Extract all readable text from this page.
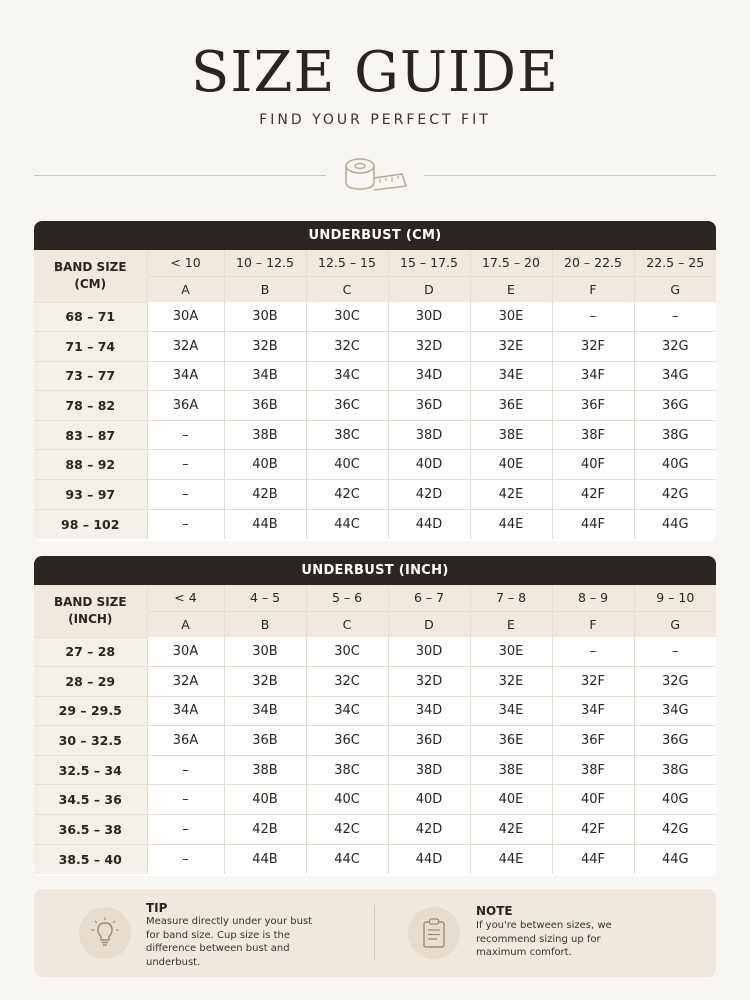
SIZE GUIDE
FIND YOUR PERFECT FIT
UNDERBUST (CM)
BAND SIZE
(CM)	< 10	10 – 12.5	12.5 – 15	15 – 17.5	17.5 – 20	20 – 22.5	22.5 – 25
	A	B	C	D	E	F	G
68 – 71	30A	30B	30C	30D	30E	–	–
71 – 74	32A	32B	32C	32D	32E	32F	32G
73 – 77	34A	34B	34C	34D	34E	34F	34G
78 – 82	36A	36B	36C	36D	36E	36F	36G
83 – 87	–	38B	38C	38D	38E	38F	38G
88 – 92	–	40B	40C	40D	40E	40F	40G
93 – 97	–	42B	42C	42D	42E	42F	42G
98 – 102	–	44B	44C	44D	44E	44F	44G
UNDERBUST (INCH)
BAND SIZE
(INCH)	< 4	4 – 5	5 – 6	6 – 7	7 – 8	8 – 9	9 – 10
	A	B	C	D	E	F	G
27 – 28	30A	30B	30C	30D	30E	–	–
28 – 29	32A	32B	32C	32D	32E	32F	32G
29 – 29.5	34A	34B	34C	34D	34E	34F	34G
30 – 32.5	36A	36B	36C	36D	36E	36F	36G
32.5 – 34	–	38B	38C	38D	38E	38F	38G
34.5 – 36	–	40B	40C	40D	40E	40F	40G
36.5 – 38	–	42B	42C	42D	42E	42F	42G
38.5 – 40	–	44B	44C	44D	44E	44F	44G
TIP
Measure directly under your bust for band size. Cup size is the difference between bust and underbust.
NOTE
If you're between sizes, we recommend sizing up for maximum comfort.
